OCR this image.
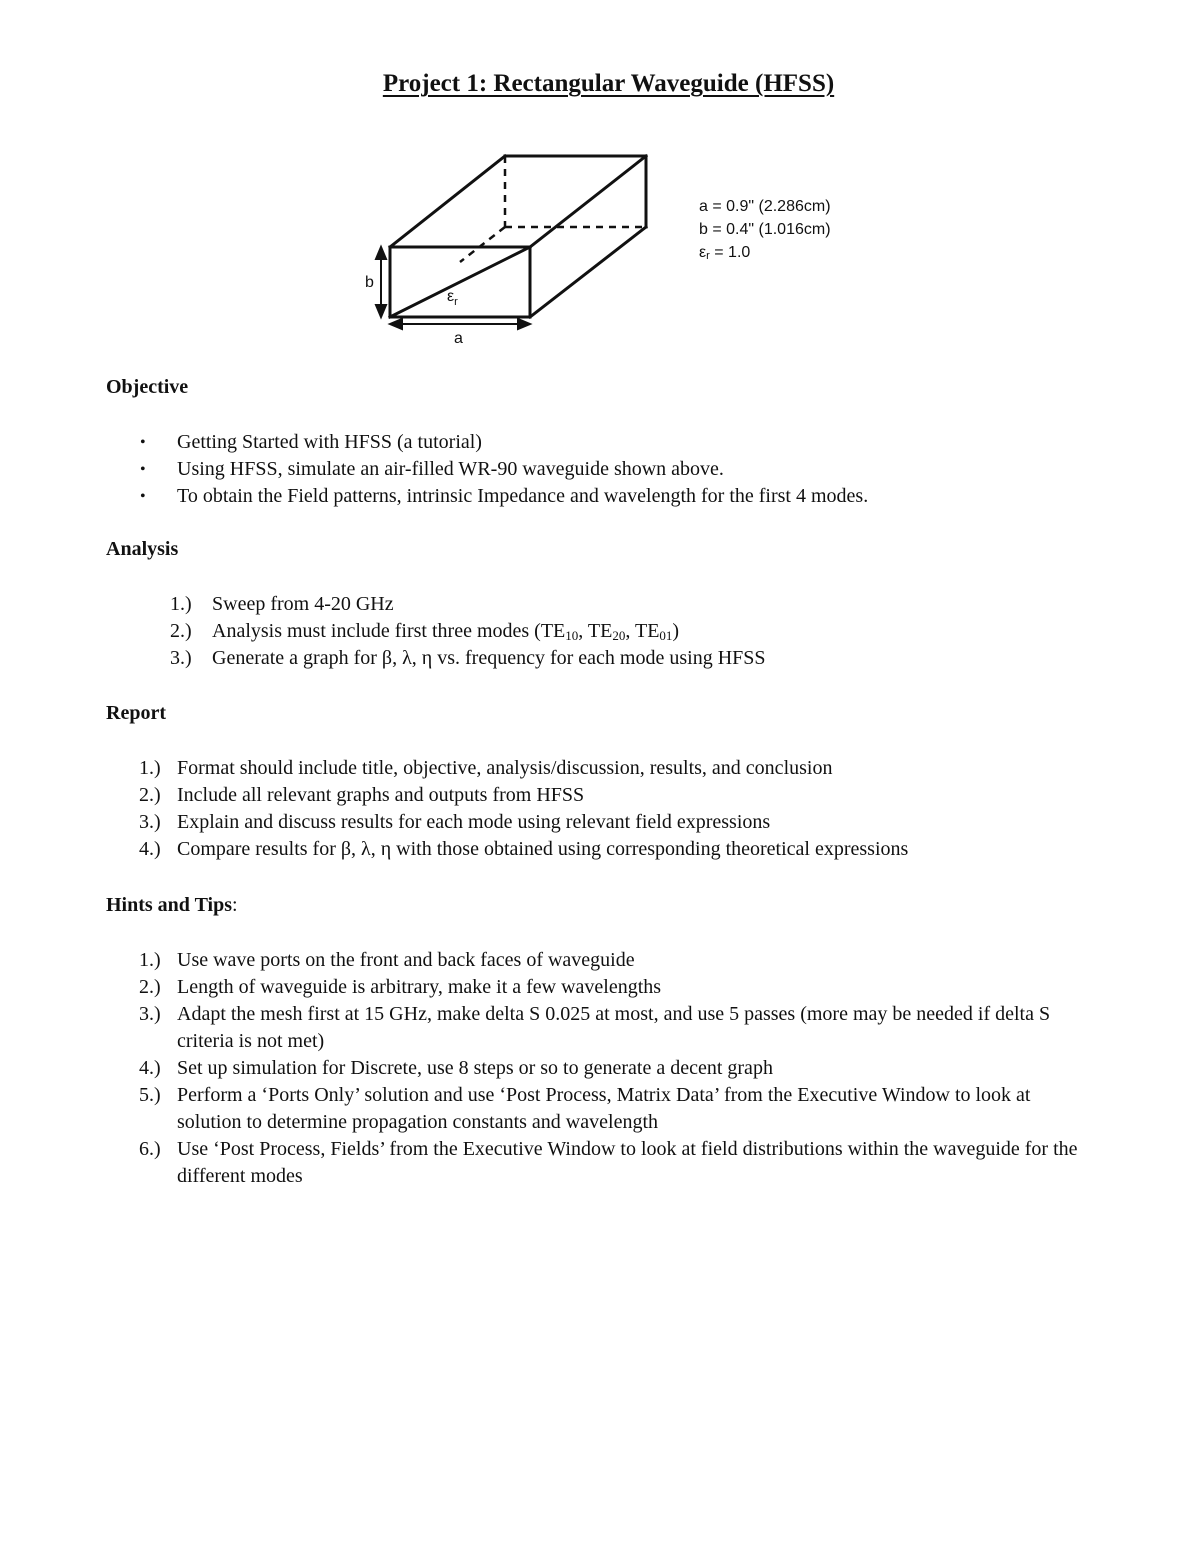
Project 1: Rectangular Waveguide (HFSS)
b
a
$\varepsilon_r$
a = 0.9" (2.286cm)
b = 0.4" (1.016cm)
$\varepsilon_r = 1.0$
Objective
•	Getting Started with HFSS (a tutorial)
•	Using HFSS, simulate an air-filled WR-90 waveguide shown above.
•	To obtain the Field patterns, intrinsic Impedance and wavelength for the first 4 modes.
Analysis
1.)	Sweep from 4-20 GHz
2.)	Analysis must include first three modes ($TE_{10}$, $TE_{20}$, $TE_{01}$)
3.)	Generate a graph for β, λ, η vs. frequency for each mode using HFSS
Report
1.) Format should include title, objective, analysis/discussion, results, and conclusion
2.) Include all relevant graphs and outputs from HFSS
3.) Explain and discuss results for each mode using relevant field expressions
4.) Compare results for β, λ, η with those obtained using corresponding theoretical expressions
Hints and Tips:
1.) Use wave ports on the front and back faces of waveguide
2.) Length of waveguide is arbitrary, make it a few wavelengths
3.) Adapt the mesh first at 15 GHz, make delta S 0.025 at most, and use 5 passes (more may be needed if delta S criteria is not met)
4.) Set up simulation for Discrete, use 8 steps or so to generate a decent graph
5.) Perform a ‘Ports Only’ solution and use ‘Post Process, Matrix Data’ from the Executive Window to look at solution to determine propagation constants and wavelength
6.) Use ‘Post Process, Fields’ from the Executive Window to look at field distributions within the waveguide for the different modes
